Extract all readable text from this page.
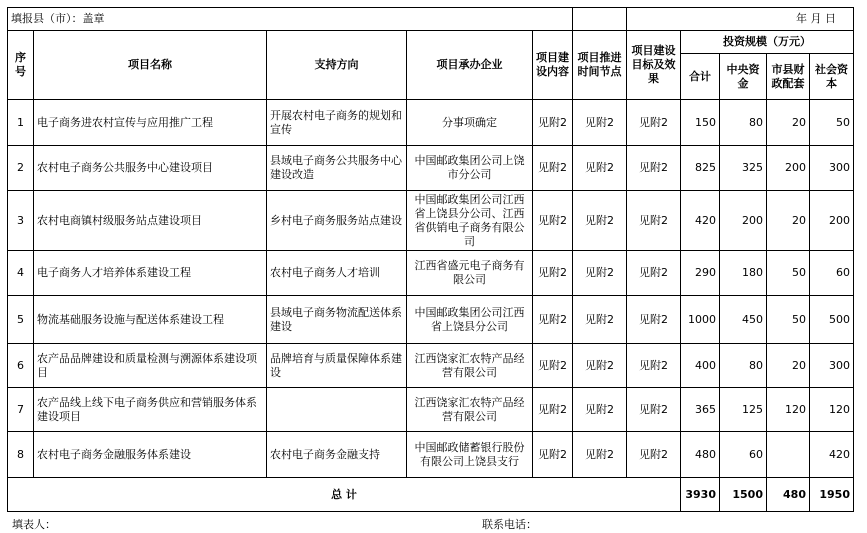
填报县（市）：盖章						年 月 日				
序号	项目名称	支持方向	项目承办企业	项目建设内容	项目推进时间节点	项目建设目标及效果	投资规模（万元）			
							合计	中央资金	市县财政配套	社会资本

1	电子商务进农村宣传与应用推广工程	开展农村电子商务的规划和宣传	分事项确定	见附2	见附2	见附2	150	80	20	50
2	农村电子商务公共服务中心建设项目	县域电子商务公共服务中心建设改造	中国邮政集团公司上饶市分公司	见附2	见附2	见附2	825	325	200	300
3	农村电商镇村级服务站点建设项目	乡村电子商务服务站点建设	中国邮政集团公司江西省上饶县分公司、江西省供销电子商务有限公司	见附2	见附2	见附2	420	200	20	200
4	电子商务人才培养体系建设工程	农村电子商务人才培训	江西省盛元电子商务有限公司	见附2	见附2	见附2	290	180	50	60
5	物流基础服务设施与配送体系建设工程	县域电子商务物流配送体系建设	中国邮政集团公司江西省上饶县分公司	见附2	见附2	见附2	1000	450	50	500
6	农产品品牌建设和质量检测与溯源体系建设项目	品牌培育与质量保障体系建设	江西饶家汇农特产品经营有限公司	见附2	见附2	见附2	400	80	20	300
7	农产品线上线下电子商务供应和营销服务体系建设项目		江西饶家汇农特产品经营有限公司	见附2	见附2	见附2	365	125	120	120
8	农村电子商务金融服务体系建设	农村电子商务金融支持	中国邮政储蓄银行股份有限公司上饶县支行	见附2	见附2	见附2	480	60		420
总 计							3930	1500	480	1950
填表人：	联系电话：
